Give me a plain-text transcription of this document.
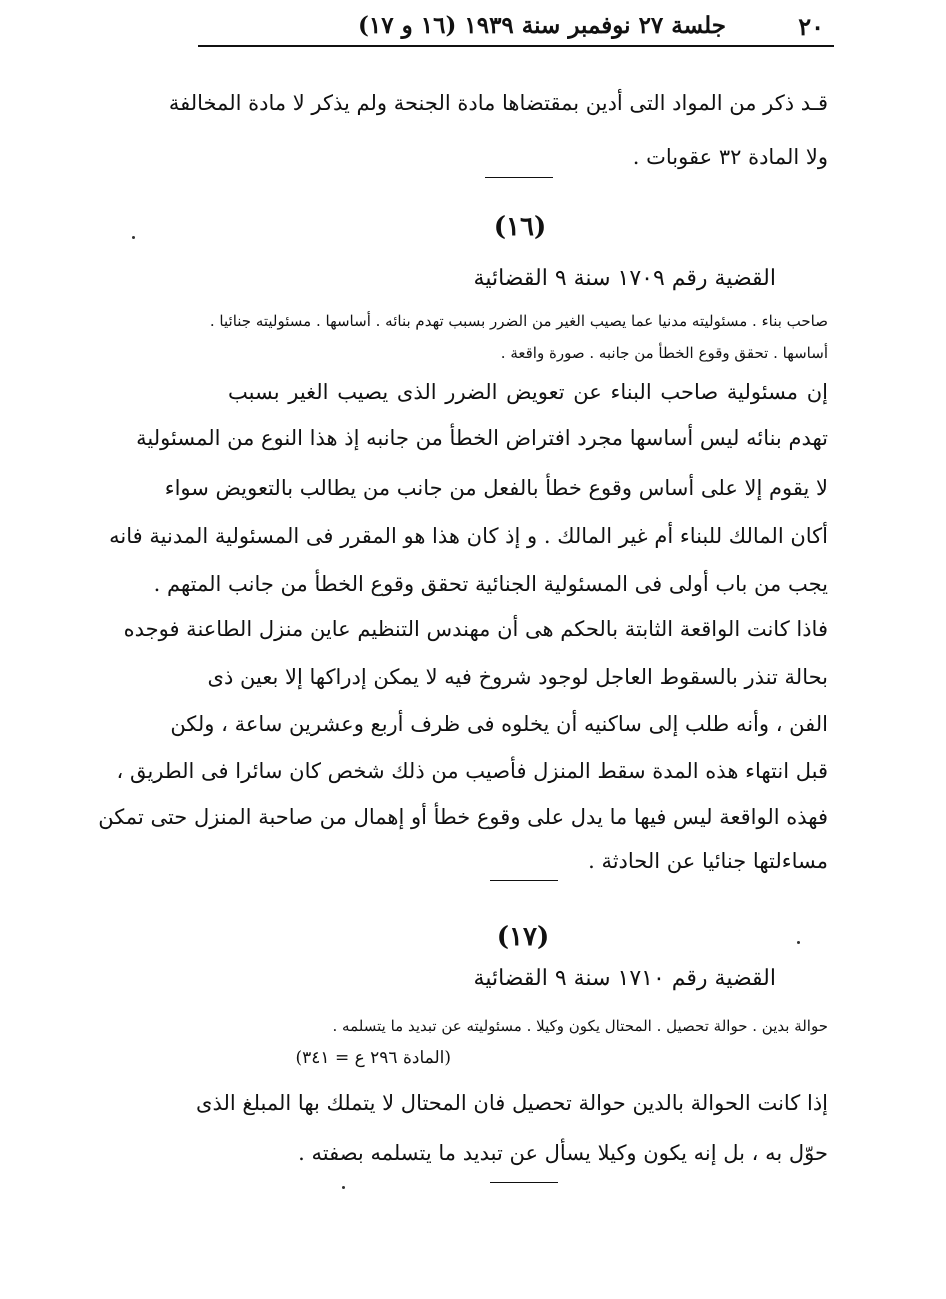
٢٠
جلسة ٢٧ نوفمبر سنة ١٩٣٩ (١٦ و ١٧)
قـد ذكر من المواد التى أدين بمقتضاها مادة الجنحة ولم يذكر لا مادة المخالفة
ولا المادة ٣٢ عقوبات .
(١٦)
القضية رقم ١٧٠٩ سنة ٩ القضائية
صاحب بناء . مسئوليته مدنيا عما يصيب الغير من الضرر بسبب تهدم بنائه . أساسها . مسئوليته جنائيا .
أساسها . تحقق وقوع الخطأ من جانبه . صورة واقعة .
إن مسئولية صاحب البناء عن تعويض الضرر الذى يصيب الغير بسبب
تهدم بنائه ليس أساسها مجرد افتراض الخطأ من جانبه إذ هذا النوع من المسئولية
لا يقوم إلا على أساس وقوع خطأ بالفعل من جانب من يطالب بالتعويض سواء
أكان المالك للبناء أم غير المالك . و إذ كان هذا هو المقرر فى المسئولية المدنية فانه
يجب من باب أولى فى المسئولية الجنائية تحقق وقوع الخطأ من جانب المتهم .
فاذا كانت الواقعة الثابتة بالحكم هى أن مهندس التنظيم عاين منزل الطاعنة فوجده
بحالة تنذر بالسقوط العاجل لوجود شروخ فيه لا يمكن إدراكها إلا بعين ذى
الفن ، وأنه طلب إلى ساكنيه أن يخلوه فى ظرف أربع وعشرين ساعة ، ولكن
قبل انتهاء هذه المدة سقط المنزل فأصيب من ذلك شخص كان سائرا فى الطريق ،
فهذه الواقعة ليس فيها ما يدل على وقوع خطأ أو إهمال من صاحبة المنزل حتى تمكن
مساءلتها جنائيا عن الحادثة .
(١٧)
القضية رقم ١٧١٠ سنة ٩ القضائية
حوالة بدين . حوالة تحصيل . المحتال يكون وكيلا . مسئوليته عن تبديد ما يتسلمه .
(المادة ٢٩٦ ع = ٣٤١)
إذا كانت الحوالة بالدين حوالة تحصيل فان المحتال لا يتملك بها المبلغ الذى
حوّل به ، بل إنه يكون وكيلا يسأل عن تبديد ما يتسلمه بصفته .
